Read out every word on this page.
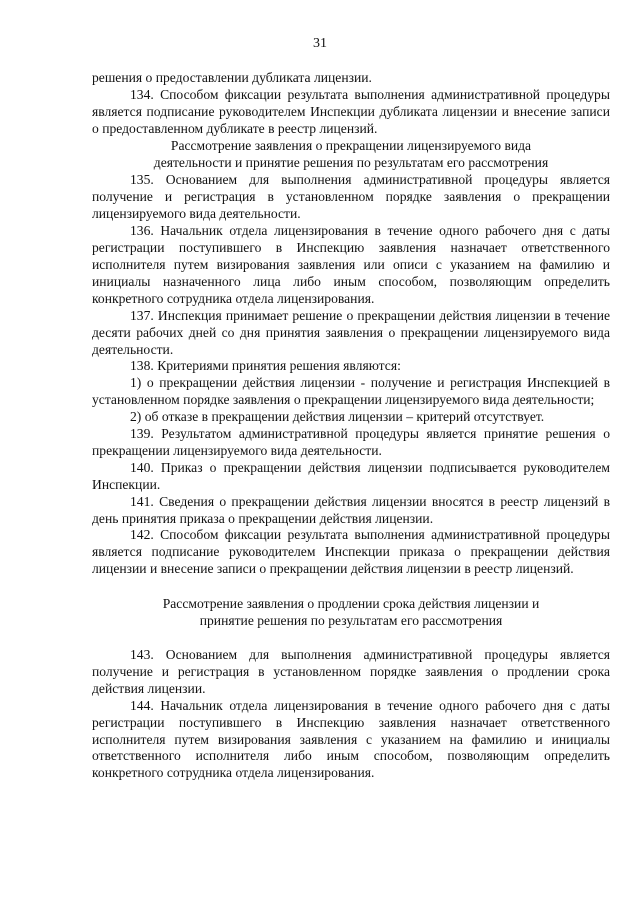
31

решения о предоставлении дубликата лицензии.

134. Способом фиксации результата выполнения административной процедуры является подписание руководителем Инспекции дубликата лицензии и внесение записи о предоставленном дубликате в реестр лицензий.

Рассмотрение заявления о прекращении лицензируемого вида
деятельности и принятие решения по результатам его рассмотрения

135. Основанием для выполнения административной процедуры является получение и регистрация в установленном порядке заявления о прекращении лицензируемого вида деятельности.

136. Начальник отдела лицензирования в течение одного рабочего дня с даты регистрации поступившего в Инспекцию заявления назначает ответственного исполнителя путем визирования заявления или описи с указанием на фамилию и инициалы назначенного лица либо иным способом, позволяющим определить конкретного сотрудника отдела лицензирования.

137. Инспекция принимает решение о прекращении действия лицензии в течение десяти рабочих дней со дня принятия заявления о прекращении лицензируемого вида деятельности.

138. Критериями принятия решения являются:

1) о прекращении действия лицензии - получение и регистрация Инспекцией в установленном порядке заявления о прекращении лицензируемого вида деятельности;

2) об отказе в прекращении действия лицензии – критерий отсутствует.

139. Результатом административной процедуры является принятие решения о прекращении лицензируемого вида деятельности.

140. Приказ о прекращении действия лицензии подписывается руководителем Инспекции.

141. Сведения о прекращении действия лицензии вносятся в реестр лицензий в день принятия приказа о прекращении действия лицензии.

142. Способом фиксации результата выполнения административной процедуры является подписание руководителем Инспекции приказа о прекращении действия лицензии и внесение записи о прекращении действия лицензии в реестр лицензий.

Рассмотрение заявления о продлении срока действия лицензии и
принятие решения по результатам его рассмотрения

143. Основанием для выполнения административной процедуры является получение и регистрация в установленном порядке заявления о продлении срока действия лицензии.

144. Начальник отдела лицензирования в течение одного рабочего дня с даты регистрации поступившего в Инспекцию заявления назначает ответственного исполнителя путем визирования заявления с указанием на фамилию и инициалы ответственного исполнителя либо иным способом, позволяющим определить конкретного сотрудника отдела лицензирования.
